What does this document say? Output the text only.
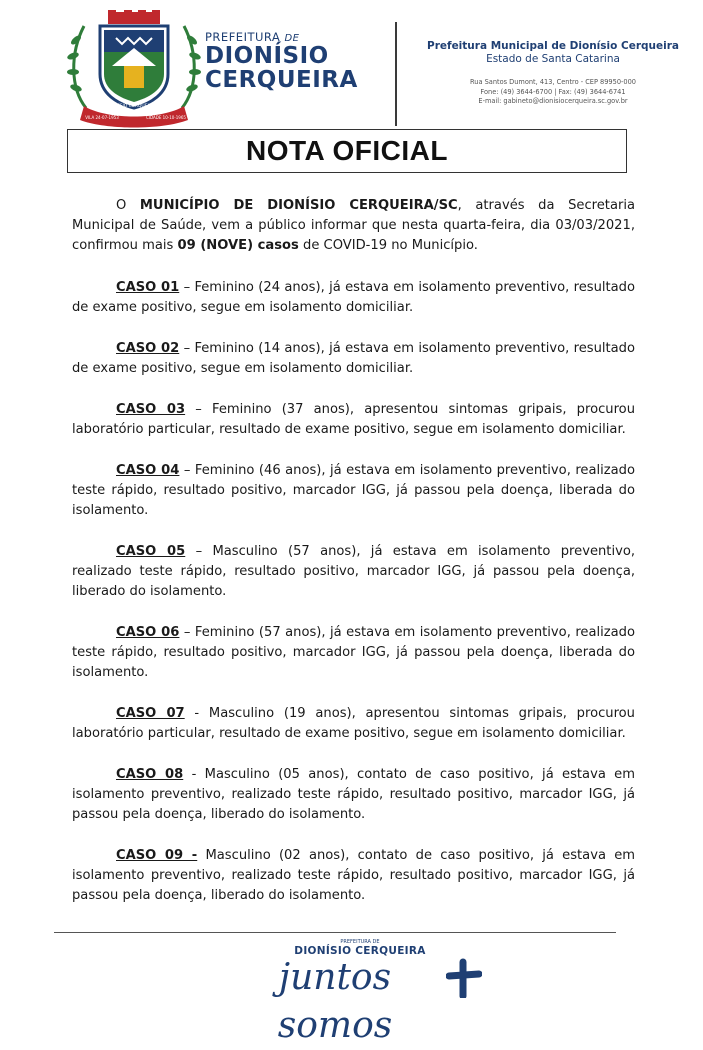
DIONÍSIO CERQUEIRA - SC
VILA 24-07-1953	CIDADE 10-10-1965
PREFEITURA DE
DIONÍSIO
CERQUEIRA
Prefeitura Municipal de Dionísio Cerqueira
Estado de Santa Catarina
Rua Santos Dumont, 413, Centro - CEP 89950-000
Fone: (49) 3644-6700 | Fax: (49) 3644-6741
E-mail: gabineto@dionisiocerqueira.sc.gov.br
NOTA OFICIAL

O MUNICÍPIO DE DIONÍSIO CERQUEIRA/SC, através da Secretaria Municipal de Saúde, vem a público informar que nesta quarta-feira, dia 03/03/2021, confirmou mais 09 (NOVE) casos de COVID-19 no Município.

CASO 01 – Feminino (24 anos), já estava em isolamento preventivo, resultado de exame positivo, segue em isolamento domiciliar.

CASO 02 – Feminino (14 anos), já estava em isolamento preventivo, resultado de exame positivo, segue em isolamento domiciliar.

CASO 03 – Feminino (37 anos), apresentou sintomas gripais, procurou laboratório particular, resultado de exame positivo, segue em isolamento domiciliar.

CASO 04 – Feminino (46 anos), já estava em isolamento preventivo, realizado teste rápido, resultado positivo, marcador IGG, já passou pela doença, liberada do isolamento.

CASO 05 – Masculino (57 anos), já estava em isolamento preventivo, realizado teste rápido, resultado positivo, marcador IGG, já passou pela doença, liberado do isolamento.

CASO 06 – Feminino (57 anos), já estava em isolamento preventivo, realizado teste rápido, resultado positivo, marcador IGG, já passou pela doença, liberada do isolamento.

CASO 07 - Masculino (19 anos), apresentou sintomas gripais, procurou laboratório particular, resultado de exame positivo, segue em isolamento domiciliar.

CASO 08 - Masculino (05 anos), contato de caso positivo, já estava em isolamento preventivo, realizado teste rápido, resultado positivo, marcador IGG, já passou pela doença, liberado do isolamento.

CASO 09 - Masculino (02 anos), contato de caso positivo, já estava em isolamento preventivo, realizado teste rápido, resultado positivo, marcador IGG, já passou pela doença, liberado do isolamento.

PREFEITURA DE
DIONÍSIO CERQUEIRA
juntos somos
